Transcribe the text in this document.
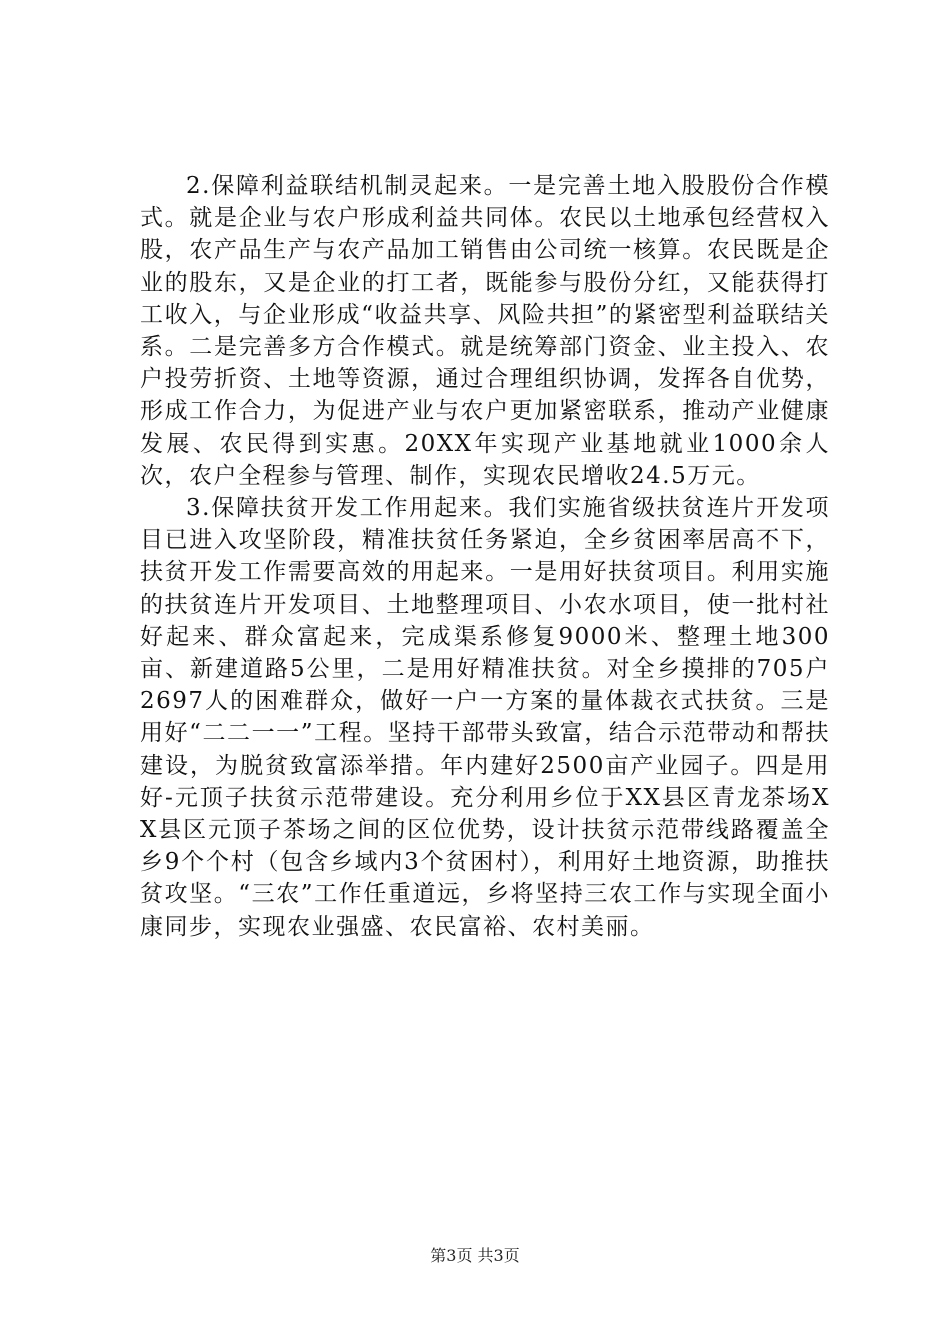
2.保障利益联结机制灵起来。一是完善土地入股股份合作模式。就是企业与农户形成利益共同体。农民以土地承包经营权入股，农产品生产与农产品加工销售由公司统一核算。农民既是企业的股东，又是企业的打工者，既能参与股份分红，又能获得打工收入，与企业形成“收益共享、风险共担”的紧密型利益联结关系。二是完善多方合作模式。就是统筹部门资金、业主投入、农户投劳折资、土地等资源，通过合理组织协调，发挥各自优势，形成工作合力，为促进产业与农户更加紧密联系，推动产业健康发展、农民得到实惠。20XX年实现产业基地就业1000余人次，农户全程参与管理、制作，实现农民增收24.5万元。

3.保障扶贫开发工作用起来。我们实施省级扶贫连片开发项目已进入攻坚阶段，精准扶贫任务紧迫，全乡贫困率居高不下，扶贫开发工作需要高效的用起来。一是用好扶贫项目。利用实施的扶贫连片开发项目、土地整理项目、小农水项目，使一批村社好起来、群众富起来，完成渠系修复9000米、整理土地300亩、新建道路5公里，二是用好精准扶贫。对全乡摸排的705户2697人的困难群众，做好一户一方案的量体裁衣式扶贫。三是用好“二二一一”工程。坚持干部带头致富，结合示范带动和帮扶建设，为脱贫致富添举措。年内建好2500亩产业园子。四是用好-元顶子扶贫示范带建设。充分利用乡位于XX县区青龙茶场XX县区元顶子茶场之间的区位优势，设计扶贫示范带线路覆盖全乡9个个村（包含乡域内3个贫困村），利用好土地资源，助推扶贫攻坚。“三农”工作任重道远，乡将坚持三农工作与实现全面小康同步，实现农业强盛、农民富裕、农村美丽。

第3页 共3页
